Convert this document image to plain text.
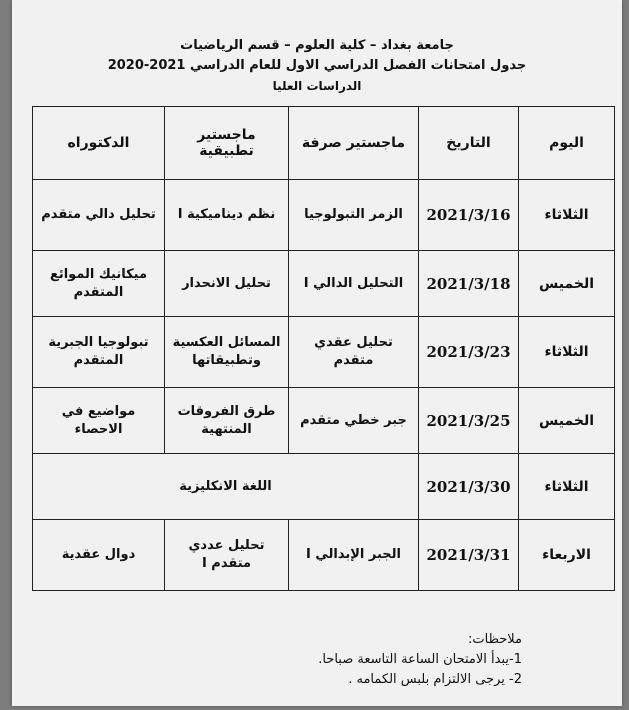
جامعة بغداد – كلية العلوم – قسم الرياضيات
جدول امتحانات الفصل الدراسي الاول للعام الدراسي 2021-2020
الدراسات العليا
اليوم	التاريخ	ماجستير صرفة	ماجستير تطبيقية	الدكتوراه
الثلاثاء	2021/3/16	الزمر التبولوجيا	نظم ديناميكية I	تحليل دالي متقدم
الخميس	2021/3/18	التحليل الدالي I	تحليل الانحدار	ميكانيك الموائع المتقدم
الثلاثاء	2021/3/23	تحليل عقدي متقدم	المسائل العكسية وتطبيقاتها	تبولوجيا الجبرية المتقدم
الخميس	2021/3/25	جبر خطي متقدم	طرق الفروقات المنتهية	مواضيع في الاحصاء
الثلاثاء	2021/3/30	اللغة الانكليزية		
الاربعاء	2021/3/31	الجبر الإبدالي I	تحليل عددي متقدم I	دوال عقدية
ملاحظات:
1-يبدأ الامتحان الساعة التاسعة صباحا.
2- يرجى الالتزام بلبس الكمامه .
